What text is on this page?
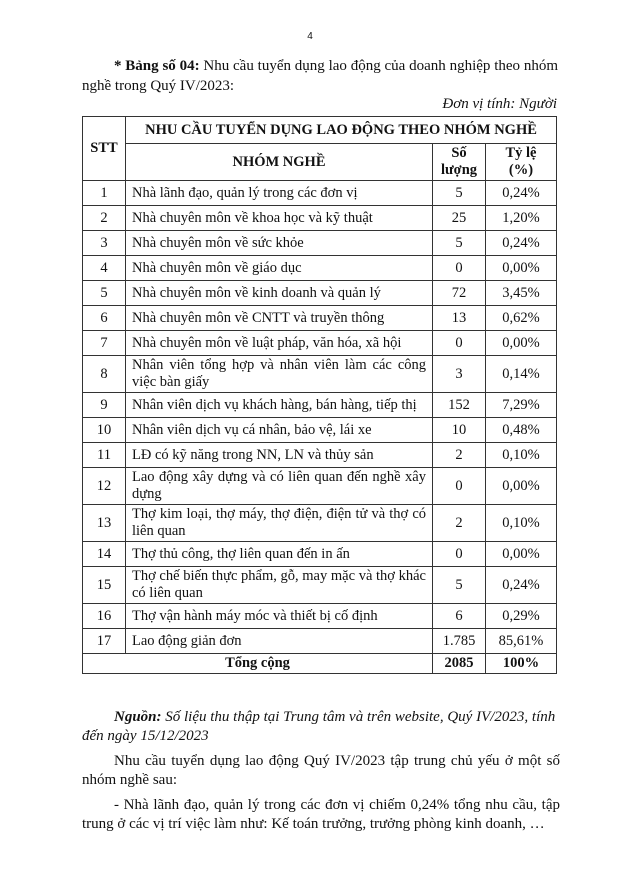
4
* Bảng số 04: Nhu cầu tuyển dụng lao động của doanh nghiệp theo nhóm nghề trong Quý IV/2023:
Đơn vị tính: Người
STT	NHU CẦU TUYỂN DỤNG LAO ĐỘNG THEO NHÓM NGHỀ		
	NHÓM NGHỀ	Số lượng	Tỷ lệ (%)
1	Nhà lãnh đạo, quản lý trong các đơn vị	5	0,24%
2	Nhà chuyên môn về khoa học và kỹ thuật	25	1,20%
3	Nhà chuyên môn về sức khỏe	5	0,24%
4	Nhà chuyên môn về giáo dục	0	0,00%
5	Nhà chuyên môn về kinh doanh và quản lý	72	3,45%
6	Nhà chuyên môn về CNTT và truyền thông	13	0,62%
7	Nhà chuyên môn về luật pháp, văn hóa, xã hội	0	0,00%
8	Nhân viên tổng hợp và nhân viên làm các công việc bàn giấy	3	0,14%
9	Nhân viên dịch vụ khách hàng, bán hàng, tiếp thị	152	7,29%
10	Nhân viên dịch vụ cá nhân, bảo vệ, lái xe	10	0,48%
11	LĐ có kỹ năng trong NN, LN và thủy sản	2	0,10%
12	Lao động xây dựng và có liên quan đến nghề xây dựng	0	0,00%
13	Thợ kim loại, thợ máy, thợ điện, điện tử và thợ có liên quan	2	0,10%
14	Thợ thủ công, thợ liên quan đến in ấn	0	0,00%
15	Thợ chế biến thực phẩm, gỗ, may mặc và thợ khác có liên quan	5	0,24%
16	Thợ vận hành máy móc và thiết bị cố định	6	0,29%
17	Lao động giản đơn	1.785	85,61%
Tổng cộng		2085	100%
Nguồn: Số liệu thu thập tại Trung tâm và trên website, Quý IV/2023, tính đến ngày 15/12/2023
Nhu cầu tuyển dụng lao động Quý IV/2023 tập trung chủ yếu ở một số nhóm nghề sau:
- Nhà lãnh đạo, quản lý trong các đơn vị chiếm 0,24% tổng nhu cầu, tập trung ở các vị trí việc làm như: Kế toán trưởng, trưởng phòng kinh doanh, …
